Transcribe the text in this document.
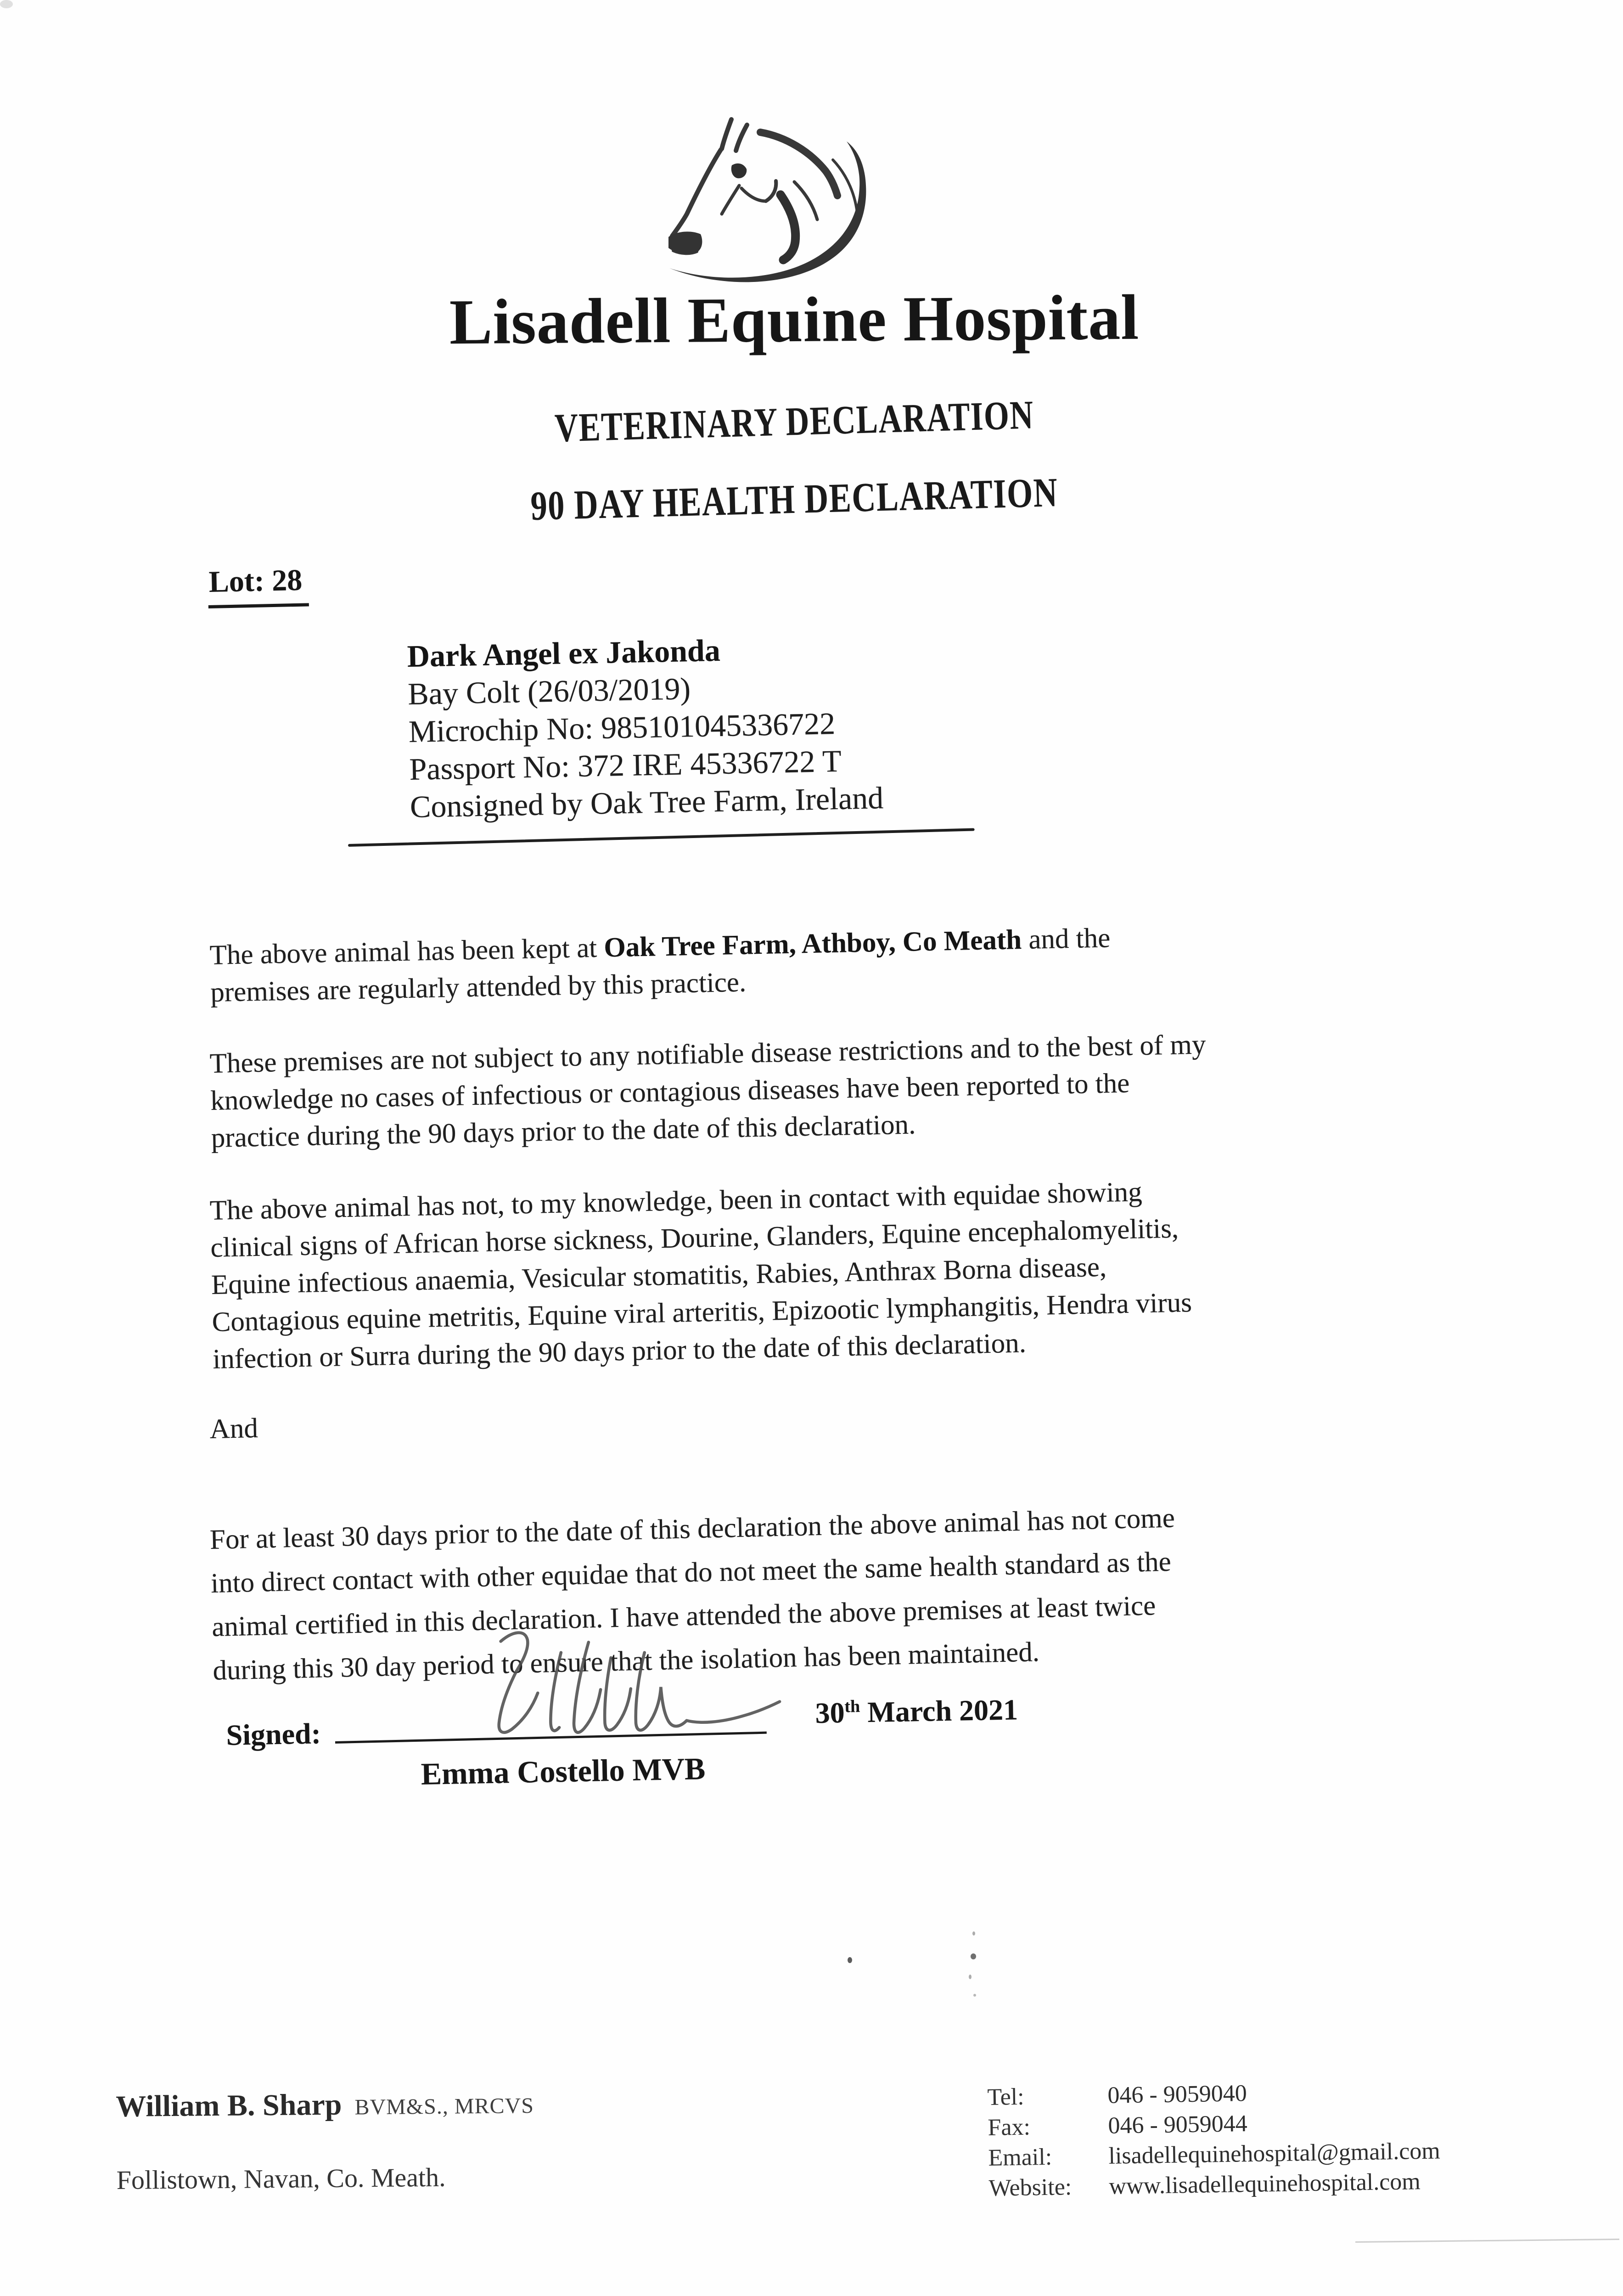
Lisadell Equine Hospital
VETERINARY DECLARATION
90 DAY HEALTH DECLARATION
Lot: 28
Dark Angel ex Jakonda
Bay Colt (26/03/2019)
Microchip No: 985101045336722
Passport No: 372 IRE 45336722 T
Consigned by Oak Tree Farm, Ireland
The above animal has been kept at Oak Tree Farm, Athboy, Co Meath and the
premises are regularly attended by this practice.
These premises are not subject to any notifiable disease restrictions and to the best of my
knowledge no cases of infectious or contagious diseases have been reported to the
practice during the 90 days prior to the date of this declaration.
The above animal has not, to my knowledge, been in contact with equidae showing
clinical signs of African horse sickness, Dourine, Glanders, Equine encephalomyelitis,
Equine infectious anaemia, Vesicular stomatitis, Rabies, Anthrax Borna disease,
Contagious equine metritis, Equine viral arteritis, Epizootic lymphangitis, Hendra virus
infection or Surra during the 90 days prior to the date of this declaration.
And
For at least 30 days prior to the date of this declaration the above animal has not come
into direct contact with other equidae that do not meet the same health standard as the
animal certified in this declaration. I have attended the above premises at least twice
during this 30 day period to ensure that the isolation has been maintained.
Signed:
Emma Costello MVB
30th March 2021
William B. Sharp BVM&S., MRCVS
Follistown, Navan, Co. Meath.
Tel:	046 - 9059040
Fax:	046 - 9059044
Email:	lisadellequinehospital@gmail.com
Website:	www.lisadellequinehospital.com
